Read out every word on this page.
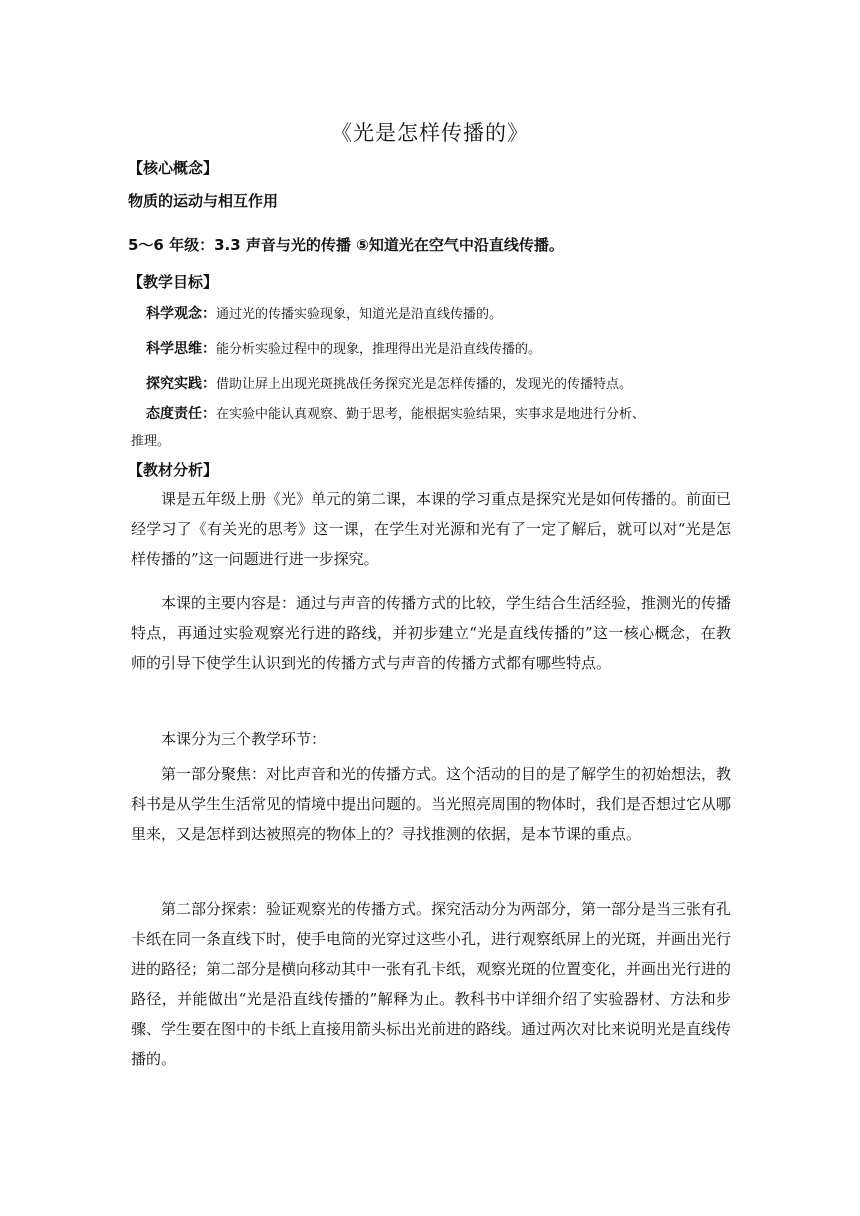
《光是怎样传播的》
【核心概念】
物质的运动与相互作用
5～6 年级：3.3 声音与光的传播 ⑤知道光在空气中沿直线传播。
【教学目标】
科学观念：通过光的传播实验现象，知道光是沿直线传播的。
科学思维：能分析实验过程中的现象，推理得出光是沿直线传播的。
探究实践：借助让屏上出现光斑挑战任务探究光是怎样传播的，发现光的传播特点。
态度责任：在实验中能认真观察、勤于思考，能根据实验结果，实事求是地进行分析、
推理。
【教材分析】

课是五年级上册《光》单元的第二课，本课的学习重点是探究光是如何传播的。前面已经学习了《有关光的思考》这一课，在学生对光源和光有了一定了解后，就可以对“光是怎样传播的”这一问题进行进一步探究。

本课的主要内容是：通过与声音的传播方式的比较，学生结合生活经验，推测光的传播特点，再通过实验观察光行进的路线，并初步建立“光是直线传播的”这一核心概念，在教师的引导下使学生认识到光的传播方式与声音的传播方式都有哪些特点。

本课分为三个教学环节：

第一部分聚焦：对比声音和光的传播方式。这个活动的目的是了解学生的初始想法，教科书是从学生生活常见的情境中提出问题的。当光照亮周围的物体时，我们是否想过它从哪里来，又是怎样到达被照亮的物体上的？寻找推测的依据，是本节课的重点。

第二部分探索：验证观察光的传播方式。探究活动分为两部分，第一部分是当三张有孔卡纸在同一条直线下时，使手电筒的光穿过这些小孔，进行观察纸屏上的光斑，并画出光行进的路径；第二部分是横向移动其中一张有孔卡纸，观察光斑的位置变化，并画出光行进的路径，并能做出“光是沿直线传播的”解释为止。教科书中详细介绍了实验器材、方法和步骤、学生要在图中的卡纸上直接用箭头标出光前进的路线。通过两次对比来说明光是直线传播的。
